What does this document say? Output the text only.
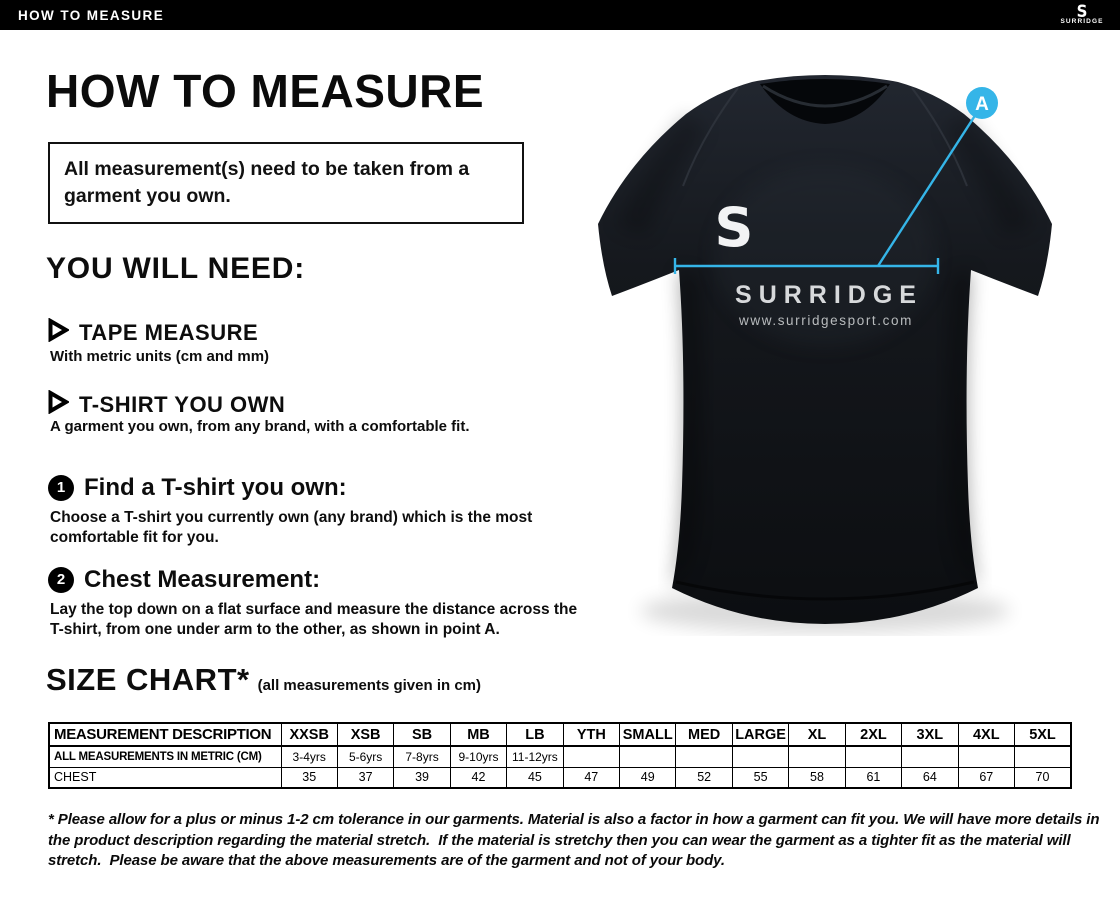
HOW TO MEASURE	S
SURRIDGE
HOW TO MEASURE
All measurement(s) need to be taken from a garment you own.
YOU WILL NEED:
TAPE MEASURE
With metric units (cm and mm)
T-SHIRT YOU OWN
A garment you own, from any brand, with a comfortable fit.
1 Find a T-shirt you own:
Choose a T-shirt you currently own (any brand) which is the most comfortable fit for you.
2 Chest Measurement:
Lay the top down on a flat surface and measure the distance across the T-shirt, from one under arm to the other, as shown in point A.
SIZE CHART* (all measurements given in cm)
MEASUREMENT DESCRIPTION	XXSB	XSB	SB	MB	LB	YTH	SMALL	MED	LARGE	XL	2XL	3XL	4XL	5XL
ALL MEASUREMENTS IN METRIC (CM)	3-4yrs	5-6yrs	7-8yrs	9-10yrs	11-12yrs									
CHEST	35	37	39	42	45	47	49	52	55	58	61	64	67	70
* Please allow for a plus or minus 1-2 cm tolerance in our garments. Material is also a factor in how a garment can fit you. We will have more details in the product description regarding the material stretch.  If the material is stretchy then you can wear the garment as a tighter fit as the material will stretch.  Please be aware that the above measurements are of the garment and not of your body.
S
SURRIDGE
www.surridgesport.com
A
